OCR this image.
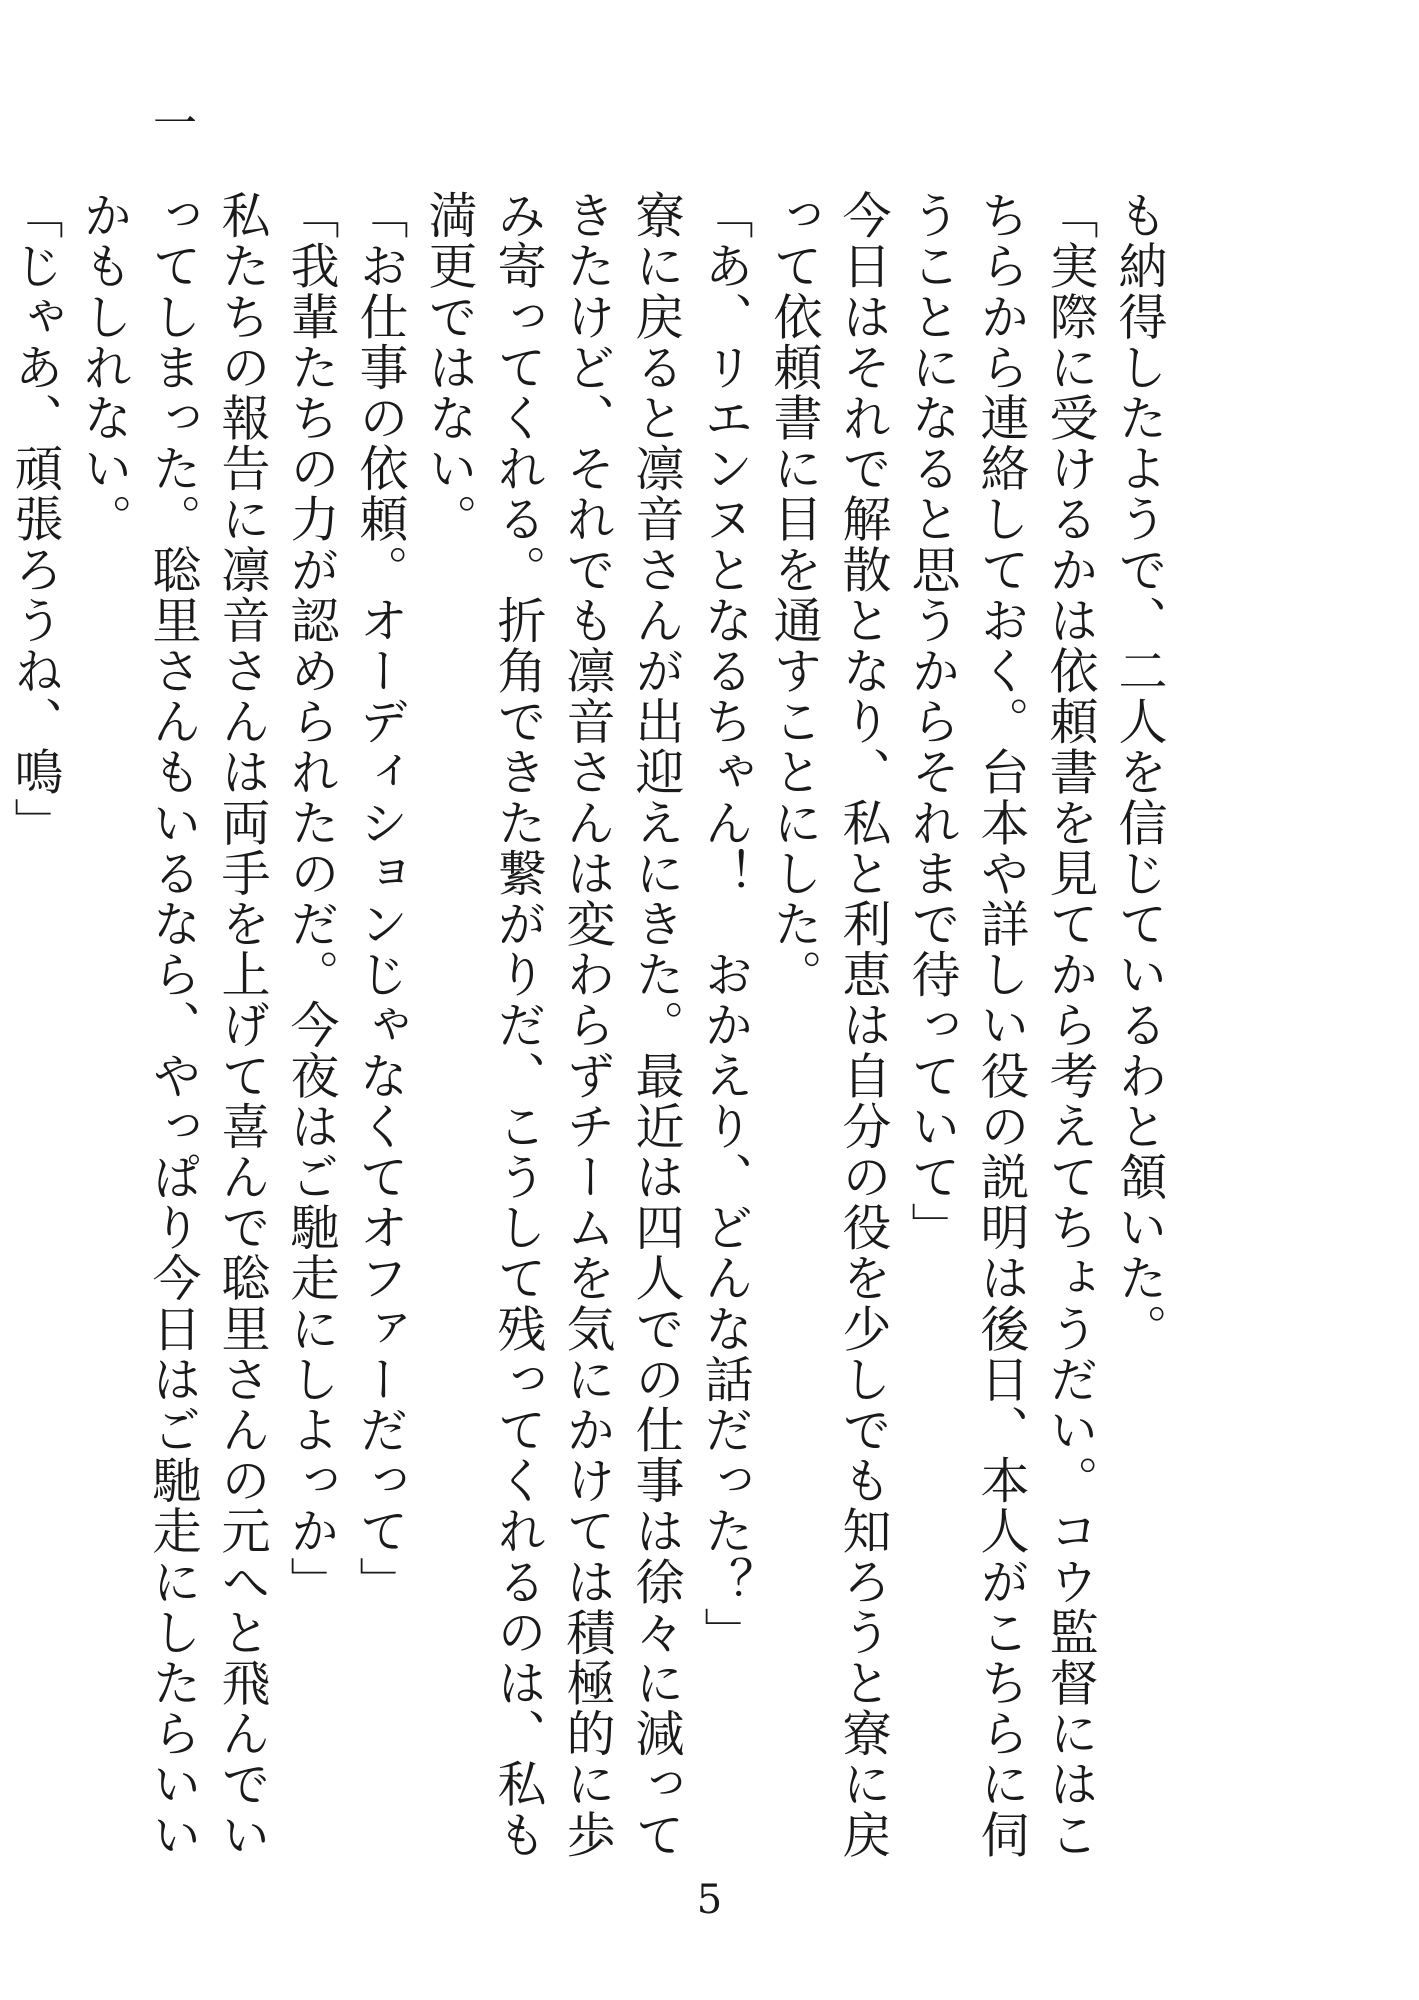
一

も納得したようで、二人を信じているわと頷いた。

「実際に受けるかは依頼書を見てから考えてちょうだい。コウ監督にはこちらから連絡しておく。台本や詳しい役の説明は後日、本人がこちらに伺うことになると思うからそれまで待っていて」

今日はそれで解散となり、私と利恵は自分の役を少しでも知ろうと寮に戻って依頼書に目を通すことにした。

「あ、リエンヌとなるちゃん！　おかえり、どんな話だった？」

寮に戻ると凛音さんが出迎えにきた。最近は四人での仕事は徐々に減ってきたけど、それでも凛音さんは変わらずチームを気にかけては積極的に歩み寄ってくれる。折角できた繋がりだ、こうして残ってくれるのは、私も満更ではない。

「お仕事の依頼。オーディションじゃなくてオファーだって」

「我輩たちの力が認められたのだ。今夜はご馳走にしよっか」

私たちの報告に凛音さんは両手を上げて喜んで聡里さんの元へと飛んでいってしまった。聡里さんもいるなら、やっぱり今日はご馳走にしたらいいかもしれない。

「じゃあ、頑張ろうね、鳴」

5
